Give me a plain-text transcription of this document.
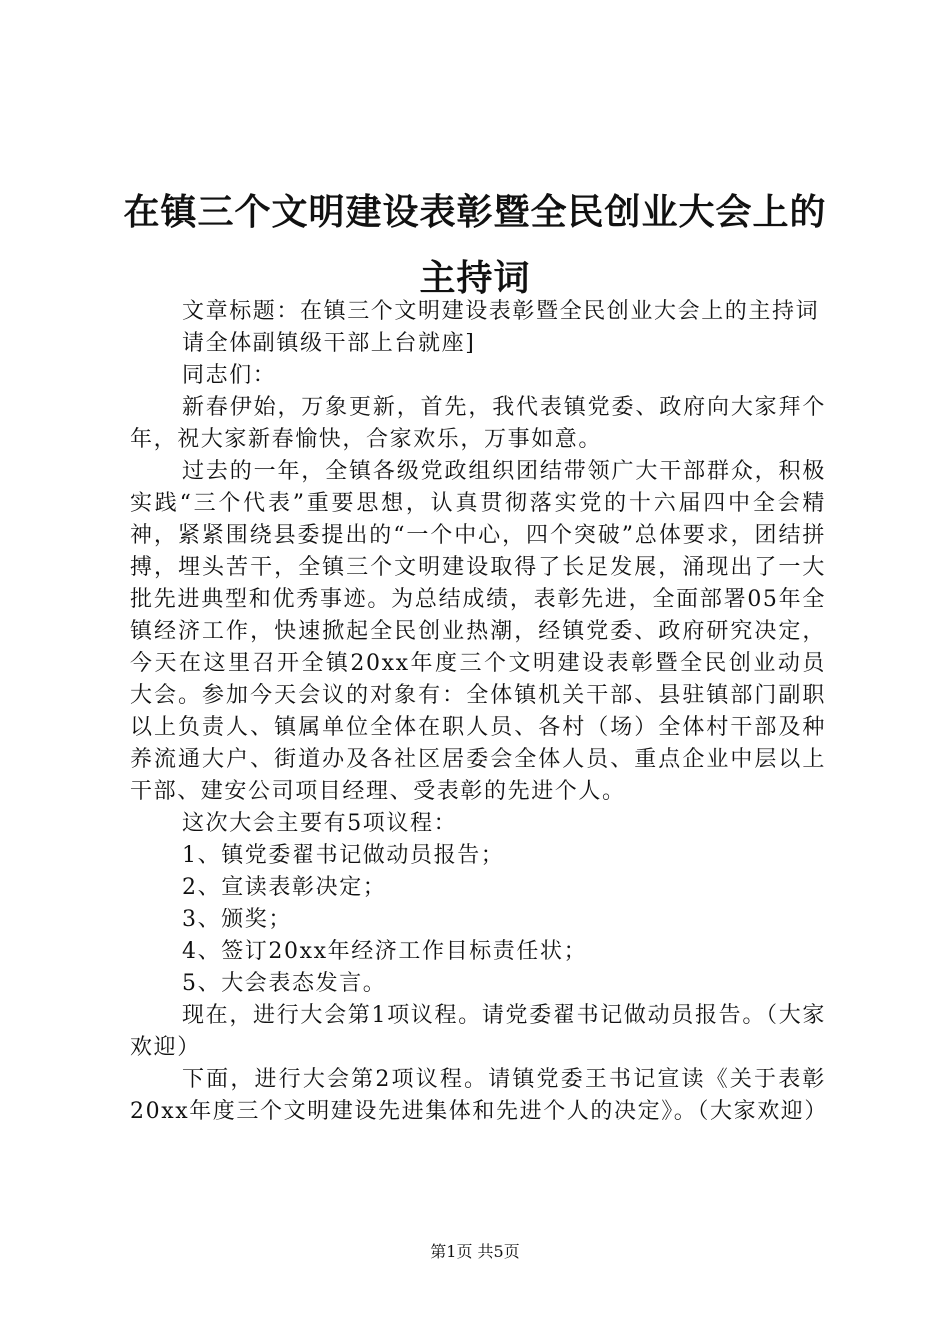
在镇三个文明建设表彰暨全民创业大会上的主持词

文章标题：在镇三个文明建设表彰暨全民创业大会上的主持词

请全体副镇级干部上台就座]

同志们：

新春伊始，万象更新，首先，我代表镇党委、政府向大家拜个年，祝大家新春愉快，合家欢乐，万事如意。

过去的一年，全镇各级党政组织团结带领广大干部群众，积极实践“三个代表”重要思想，认真贯彻落实党的十六届四中全会精神，紧紧围绕县委提出的“一个中心，四个突破”总体要求，团结拼搏，埋头苦干，全镇三个文明建设取得了长足发展，涌现出了一大批先进典型和优秀事迹。为总结成绩，表彰先进，全面部署05年全镇经济工作，快速掀起全民创业热潮，经镇党委、政府研究决定，今天在这里召开全镇20xx年度三个文明建设表彰暨全民创业动员大会。参加今天会议的对象有：全体镇机关干部、县驻镇部门副职以上负责人、镇属单位全体在职人员、各村（场）全体村干部及种养流通大户、街道办及各社区居委会全体人员、重点企业中层以上干部、建安公司项目经理、受表彰的先进个人。

这次大会主要有5项议程：

1、镇党委翟书记做动员报告；

2、宣读表彰决定；

3、颁奖；

4、签订20xx年经济工作目标责任状；

5、大会表态发言。

现在，进行大会第1项议程。请党委翟书记做动员报告。（大家欢迎）

下面，进行大会第2项议程。请镇党委王书记宣读《关于表彰20xx年度三个文明建设先进集体和先进个人的决定》。（大家欢迎）

第1页 共5页
